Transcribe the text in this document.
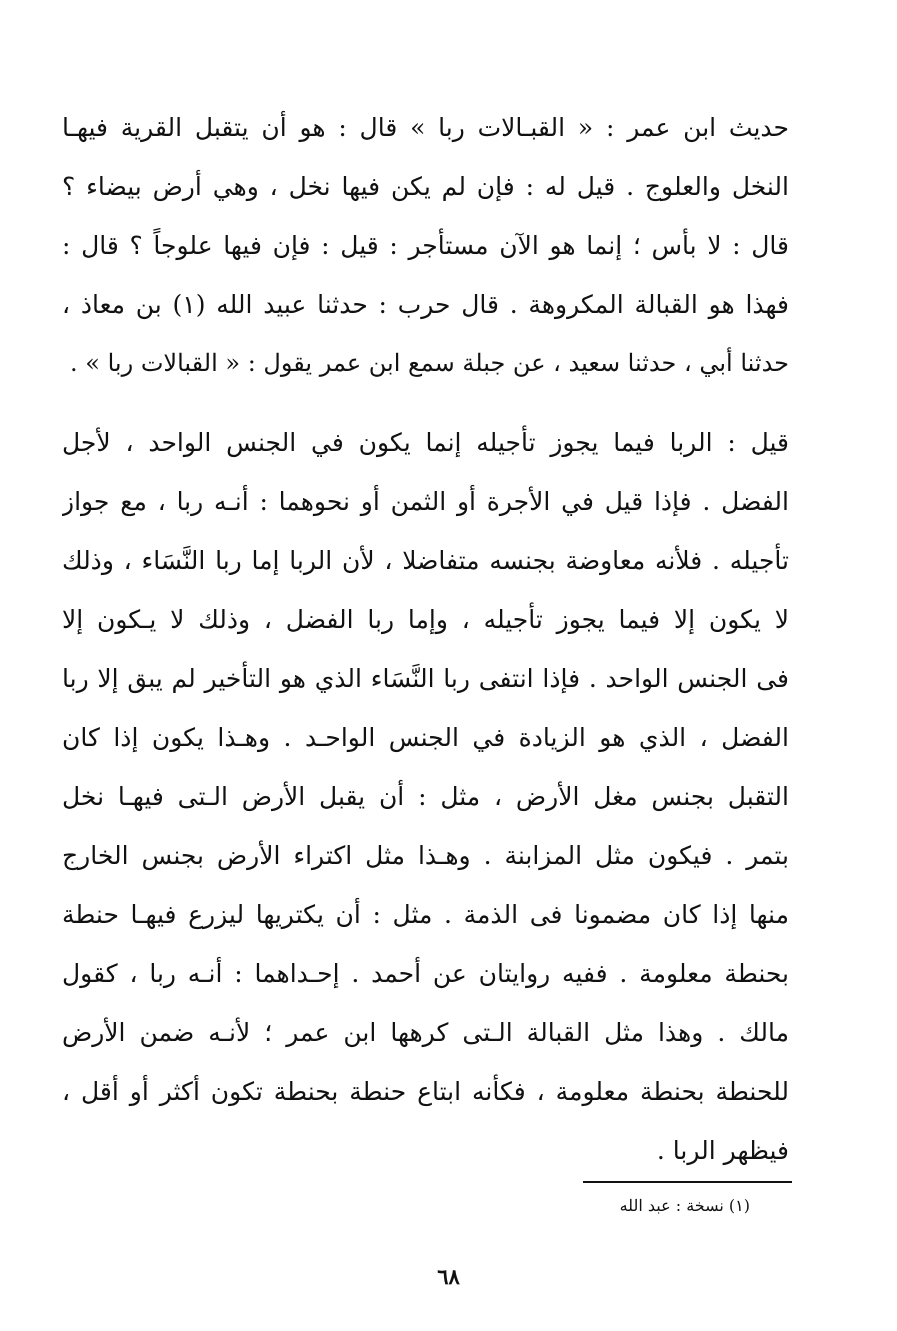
حديث ابن عمر : « القبـالات ربا » قال : هو أن يتقبل القرية فيهـا
النخل والعلوج . قيل له : فإن لم يكن فيها نخل ، وهي أرض بيضاء ؟
قال : لا بأس ؛ إنما هو الآن مستأجر : قيل : فإن فيها علوجاً ؟ قال :
فهذا هو القبالة المكروهة . قال حرب : حدثنا عبيد الله (١) بن معاذ ،
حدثنا أبي ، حدثنا سعيد ، عن جبلة سمع ابن عمر يقول : « القبالات ربا » .
قيل : الربا فيما يجوز تأجيله إنما يكون في الجنس الواحد ، لأجل
الفضل . فإذا قيل في الأجرة أو الثمن أو نحوهما : أنـه ربا ، مع جواز
تأجيله . فلأنه معاوضة بجنسه متفاضلا ، لأن الربا إما ربا النَّسَاء ، وذلك
لا يكون إلا فيما يجوز تأجيله ، وإما ربا الفضل ، وذلك لا يـكون إلا
فى الجنس الواحد . فإذا انتفى ربا النَّسَاء الذي هو التأخير لم يبق إلا ربا
الفضل ، الذي هو الزيادة في الجنس الواحـد . وهـذا يكون إذا كان
التقبل بجنس مغل الأرض ، مثل : أن يقبل الأرض الـتى فيهـا نخل
بتمر . فيكون مثل المزابنة . وهـذا مثل اكتراء الأرض بجنس الخارج
منها إذا كان مضمونا فى الذمة . مثل : أن يكتريها ليزرع فيهـا حنطة
بحنطة معلومة . ففيه روايتان عن أحمد . إحـداهما : أنـه ربا ، كقول
مالك . وهذا مثل القبالة الـتى كرهها ابن عمر ؛ لأنـه ضمن الأرض
للحنطة بحنطة معلومة ، فكأنه ابتاع حنطة بحنطة تكون أكثر أو أقل ،
فيظهر الربا .
(١) نسخة : عبد الله
٦٨
